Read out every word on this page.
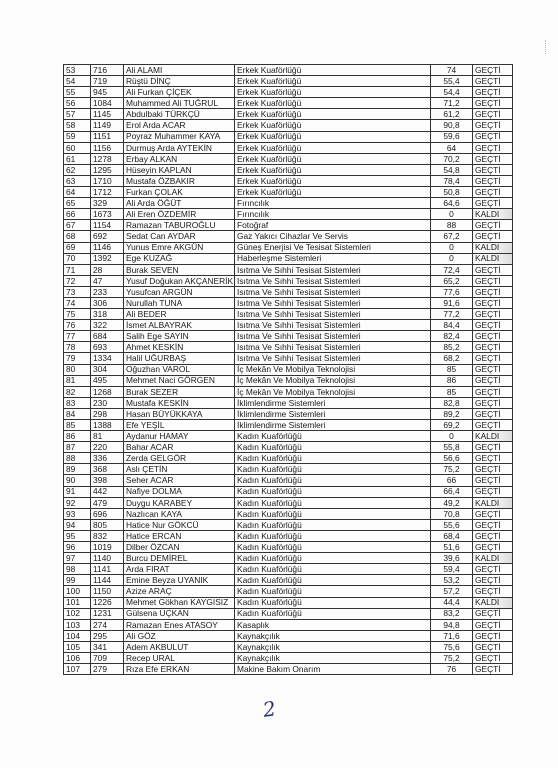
53	716	Ali ALAMI	Erkek Kuaförlüğü	74	GEÇTİ
54	719	Rüştü DİNÇ	Erkek Kuaförlüğü	55,4	GEÇTİ
55	945	Ali Furkan ÇİÇEK	Erkek Kuaförlüğü	54,4	GEÇTİ
56	1084	Muhammed Ali TUĞRUL	Erkek Kuaförlüğü	71,2	GEÇTİ
57	1145	Abdulbaki TÜRKÇÜ	Erkek Kuaförlüğü	61,2	GEÇTİ
58	1149	Erol Arda ACAR	Erkek Kuaförlüğü	90,8	GEÇTİ
59	1151	Poyraz Muhammer KAYA	Erkek Kuaförlüğü	59,6	GEÇTİ
60	1156	Durmuş Arda AYTEKİN	Erkek Kuaförlüğü	64	GEÇTİ
61	1278	Erbay ALKAN	Erkek Kuaförlüğü	70,2	GEÇTİ
62	1295	Hüseyin KAPLAN	Erkek Kuaförlüğü	54,8	GEÇTİ
63	1710	Mustafa ÖZBAKIR	Erkek Kuaförlüğü	78,4	GEÇTİ
64	1712	Furkan ÇOLAK	Erkek Kuaförlüğü	50,8	GEÇTİ
65	329	Ali Arda ÖĞÜT	Fırıncılık	64,6	GEÇTİ
66	1673	Ali Eren ÖZDEMİR	Fırıncılık	0	KALDI
67	1154	Ramazan TABUROĞLU	Fotoğraf	88	GEÇTİ
68	692	Sedat Can AYDAR	Gaz Yakıcı Cihazlar Ve Servis	67,2	GEÇTİ
69	1146	Yunus Emre AKGÜN	Güneş Enerjisi Ve Tesisat Sistemleri	0	KALDI
70	1392	Ege KUZAĞ	Haberleşme Sistemleri	0	KALDI
71	28	Burak SEVEN	Isıtma Ve Sıhhi Tesisat Sistemleri	72,4	GEÇTİ
72	47	Yusuf Doğukan AKÇANERİK	Isıtma Ve Sıhhi Tesisat Sistemleri	65,2	GEÇTİ
73	233	Yusufcan ARGÜN	Isıtma Ve Sıhhi Tesisat Sistemleri	77,6	GEÇTİ
74	306	Nurullah TUNA	Isıtma Ve Sıhhi Tesisat Sistemleri	91,6	GEÇTİ
75	318	Ali BEDER	Isıtma Ve Sıhhi Tesisat Sistemleri	77,2	GEÇTİ
76	322	İsmet ALBAYRAK	Isıtma Ve Sıhhi Tesisat Sistemleri	84,4	GEÇTİ
77	684	Salih Ege SAYIN	Isıtma Ve Sıhhi Tesisat Sistemleri	82,4	GEÇTİ
78	693	Ahmet KESKİN	Isıtma Ve Sıhhi Tesisat Sistemleri	85,2	GEÇTİ
79	1334	Halil UĞURBAŞ	Isıtma Ve Sıhhi Tesisat Sistemleri	68,2	GEÇTİ
80	304	Oğuzhan VAROL	İç Mekân Ve Mobilya Teknolojisi	85	GEÇTİ
81	495	Mehmet Naci GÖRGEN	İç Mekân Ve Mobilya Teknolojisi	86	GEÇTİ
82	1268	Burak SEZER	İç Mekân Ve Mobilya Teknolojisi	85	GEÇTİ
83	230	Mustafa KESKİN	İklimlendirme Sistemleri	82,8	GEÇTİ
84	298	Hasan BÜYÜKKAYA	İklimlendirme Sistemleri	89,2	GEÇTİ
85	1388	Efe YEŞİL	İklimlendirme Sistemleri	69,2	GEÇTİ
86	81	Aydanur HAMAY	Kadın Kuaförlüğü	0	KALDI
87	220	Bahar ACAR	Kadın Kuaförlüğü	55,8	GEÇTİ
88	336	Zerda GELGÖR	Kadın Kuaförlüğü	56,6	GEÇTİ
89	368	Aslı ÇETİN	Kadın Kuaförlüğü	75,2	GEÇTİ
90	398	Seher ACAR	Kadın Kuaförlüğü	66	GEÇTİ
91	442	Nafiye DOLMA	Kadın Kuaförlüğü	66,4	GEÇTİ
92	479	Duygu KARABEY	Kadın Kuaförlüğü	49,2	KALDI
93	696	Nazlıcan KAYA	Kadın Kuaförlüğü	70,8	GEÇTİ
94	805	Hatice Nur GÖKCÜ	Kadın Kuaförlüğü	55,6	GEÇTİ
95	832	Hatice ERCAN	Kadın Kuaförlüğü	68,4	GEÇTİ
96	1019	Dilber ÖZCAN	Kadın Kuaförlüğü	51,6	GEÇTİ
97	1140	Burcu DEMİREL	Kadın Kuaförlüğü	39,6	KALDI
98	1141	Arda FIRAT	Kadın Kuaförlüğü	59,4	GEÇTİ
99	1144	Emine Beyza UYANIK	Kadın Kuaförlüğü	53,2	GEÇTİ
100	1150	Azize ARAÇ	Kadın Kuaförlüğü	57,2	GEÇTİ
101	1226	Mehmet Gökhan KAYGISIZ	Kadın Kuaförlüğü	44,4	KALDI
102	1231	Gülsena UÇKAN	Kadın Kuaförlüğü	83,2	GEÇTİ
103	274	Ramazan Enes ATASOY	Kasaplık	94,8	GEÇTİ
104	295	Ali GÖZ	Kaynakçılık	71,6	GEÇTİ
105	341	Adem AKBULUT	Kaynakçılık	75,6	GEÇTİ
106	709	Recep URAL	Kaynakçılık	75,2	GEÇTİ
107	279	Rıza Efe ERKAN	Makine Bakım Onarım	76	GEÇTİ
2
